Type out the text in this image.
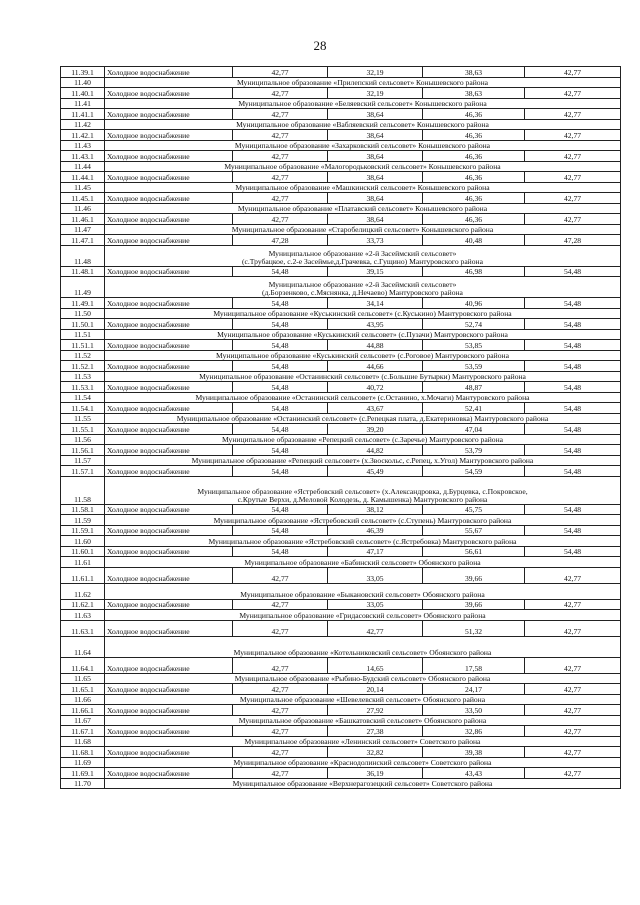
28
11.39.1	Холодное водоснабжение	42,77	32,19	38,63	42,77
11.40	Муниципальное образование «Прилепский сельсовет» Конышевского района				

11.40.1	Холодное водоснабжение	42,77	32,19	38,63	42,77
11.41	Муниципальное образование «Беляевский сельсовет» Конышевского района				

11.41.1	Холодное водоснабжение	42,77	38,64	46,36	42,77
11.42	Муниципальное образование «Вабляевский сельсовет» Конышевского района				

11.42.1	Холодное водоснабжение	42,77	38,64	46,36	42,77
11.43	Муниципальное образование «Захарковский сельсовет» Конышевского района				

11.43.1	Холодное водоснабжение	42,77	38,64	46,36	42,77
11.44	Муниципальное образование «Малогородьковский сельсовет» Конышевского района				

11.44.1	Холодное водоснабжение	42,77	38,64	46,36	42,77
11.45	Муниципальное образование «Машкинский сельсовет» Конышевского района				

11.45.1	Холодное водоснабжение	42,77	38,64	46,36	42,77
11.46	Муниципальное образование «Платавский сельсовет» Конышевского района				

11.46.1	Холодное водоснабжение	42,77	38,64	46,36	42,77
11.47	Муниципальное образование «Старобелицкий сельсовет» Конышевского района				

11.47.1	Холодное водоснабжение	47,28	33,73	40,48	47,28
11.48	Муниципальное образование «2-й Засеймский сельсовет»
(с.Трубацкое, с.2-е Засеймье,д.Грачевка, с.Гущино) Мантуровского района				

11.48.1	Холодное водоснабжение	54,48	39,15	46,98	54,48
11.49	Муниципальное образование «2-й Засеймский сельсовет»
(д.Борзенково, с.Мяснянка, д.Нечаево) Мантуровского района				

11.49.1	Холодное водоснабжение	54,48	34,14	40,96	54,48
11.50	Муниципальное образование «Куськинский сельсовет» (с.Куськино) Мантуровского района				

11.50.1	Холодное водоснабжение	54,48	43,95	52,74	54,48
11.51	Муниципальное образование «Куськинский сельсовет» (с.Пузачи) Мантуровского района				

11.51.1	Холодное водоснабжение	54,48	44,88	53,85	54,48
11.52	Муниципальное образование «Куськинский сельсовет» (с.Роговое) Мантуровского района				

11.52.1	Холодное водоснабжение	54,48	44,66	53,59	54,48
11.53	Муниципальное образование «Останинский сельсовет» (с.Большие Бутырки) Мантуровского района				

11.53.1	Холодное водоснабжение	54,48	40,72	48,87	54,48
11.54	Муниципальное образование «Останинский сельсовет» (с.Останино, х.Мочаги) Мантуровского района				

11.54.1	Холодное водоснабжение	54,48	43,67	52,41	54,48
11.55	Муниципальное образование «Останинский сельсовет» (с.Репецкая плата, д.Екатериновка) Мантуровского района				

11.55.1	Холодное водоснабжение	54,48	39,20	47,04	54,48
11.56	Муниципальное образование «Репецкий сельсовет» (с.Заречье) Мантуровского района				

11.56.1	Холодное водоснабжение	54,48	44,82	53,79	54,48
11.57	Муниципальное образование «Репецкий сельсовет» (х.Звоскольс, с.Репец, х.Угол) Мантуровского района				

11.57.1	Холодное водоснабжение	54,48	45,49	54,59	54,48
11.58	Муниципальное образование «Ястребовский сельсовет» (х.Александровка, д.Бурцевка, с.Покровское,
с.Крутые Верхи, д.Меловой Колодезь, д. Камышенка) Мантуровского района				

11.58.1	Холодное водоснабжение	54,48	38,12	45,75	54,48
11.59	Муниципальное образование «Ястребовский сельсовет» (с.Ступень) Мантуровского района				

11.59.1	Холодное водоснабжение	54,48	46,39	55,67	54,48
11.60	Муниципальное образование «Ястребовский сельсовет» (с.Ястребовка) Мантуровского района				

11.60.1	Холодное водоснабжение	54,48	47,17	56,61	54,48
11.61	Муниципальное образование «Бабинский сельсовет» Обоянского района				

11.61.1	Холодное водоснабжение	42,77	33,05	39,66	42,77
11.62	Муниципальное образование «Быкановский сельсовет» Обоянского района				

11.62.1	Холодное водоснабжение	42,77	33,05	39,66	42,77
11.63	Муниципальное образование «Гридасовский сельсовет» Обоянского района				

11.63.1	Холодное водоснабжение	42,77	42,77	51,32	42,77
11.64	Муниципальное образование «Котельниковский сельсовет» Обоянского района				

11.64.1	Холодное водоснабжение	42,77	14,65	17,58	42,77
11.65	Муниципальное образование «Рыбино-Будский сельсовет» Обоянского района				

11.65.1	Холодное водоснабжение	42,77	20,14	24,17	42,77
11.66	Муниципальное образование «Шевелевский сельсовет» Обоянского района				

11.66.1	Холодное водоснабжение	42,77	27,92	33,50	42,77
11.67	Муниципальное образование «Башкатовский сельсовет» Обоянского района				

11.67.1	Холодное водоснабжение	42,77	27,38	32,86	42,77
11.68	Муниципальное образование «Ленинский сельсовет» Советского района				

11.68.1	Холодное водоснабжение	42,77	32,82	39,38	42,77
11.69	Муниципальное образование «Краснодолинский сельсовет» Советского района				

11.69.1	Холодное водоснабжение	42,77	36,19	43,43	42,77
11.70	Муниципальное образование «Верхнерагозецкий сельсовет» Советского района				
